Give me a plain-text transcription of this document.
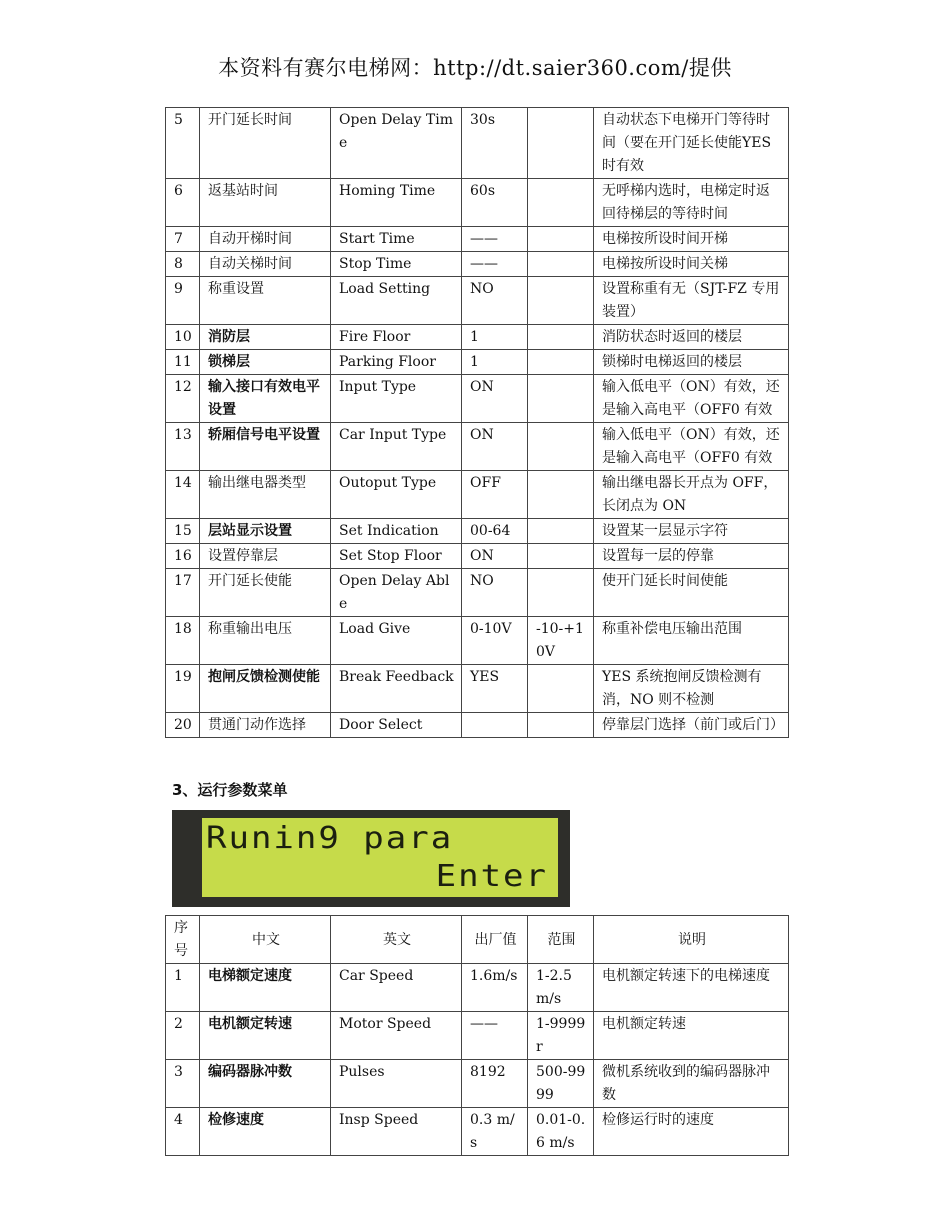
本资料有赛尔电梯网：http://dt.saier360.com/提供
5	开门延长时间	Open Delay Time	30s		自动状态下电梯开门等待时间（要在开门延长使能YES时有效
6	返基站时间	Homing Time	60s		无呼梯内选时，电梯定时返回待梯层的等待时间
7	自动开梯时间	Start Time	——		电梯按所设时间开梯
8	自动关梯时间	Stop Time	——		电梯按所设时间关梯
9	称重设置	Load Setting	NO		设置称重有无（SJT-FZ 专用装置）
10	消防层	Fire Floor	1		消防状态时返回的楼层
11	锁梯层	Parking Floor	1		锁梯时电梯返回的楼层
12	输入接口有效电平设置	Input Type	ON		输入低电平（ON）有效，还是输入高电平（OFF0 有效
13	轿厢信号电平设置	Car Input Type	ON		输入低电平（ON）有效，还是输入高电平（OFF0 有效
14	输出继电器类型	Outoput Type	OFF		输出继电器长开点为 OFF，长闭点为 ON
15	层站显示设置	Set Indication	00-64		设置某一层显示字符
16	设置停靠层	Set Stop Floor	ON		设置每一层的停靠
17	开门延长使能	Open Delay Able	NO		使开门延长时间使能
18	称重输出电压	Load Give	0-10V	-10-+10V	称重补偿电压输出范围
19	抱闸反馈检测使能	Break Feedback	YES		YES 系统抱闸反馈检测有消，NO 则不检测
20	贯通门动作选择	Door Select			停靠层门选择（前门或后门）
3、运行参数菜单
Runin9 para
Enter
序号	中文	英文	出厂值	范围	说明
1	电梯额定速度	Car Speed	1.6m/s	1-2.5m/s	电机额定转速下的电梯速度
2	电机额定转速	Motor Speed	——	1-9999r	电机额定转速
3	编码器脉冲数	Pulses	8192	500-9999	微机系统收到的编码器脉冲数
4	检修速度	Insp Speed	0.3 m/s	0.01-0.6 m/s	检修运行时的速度
